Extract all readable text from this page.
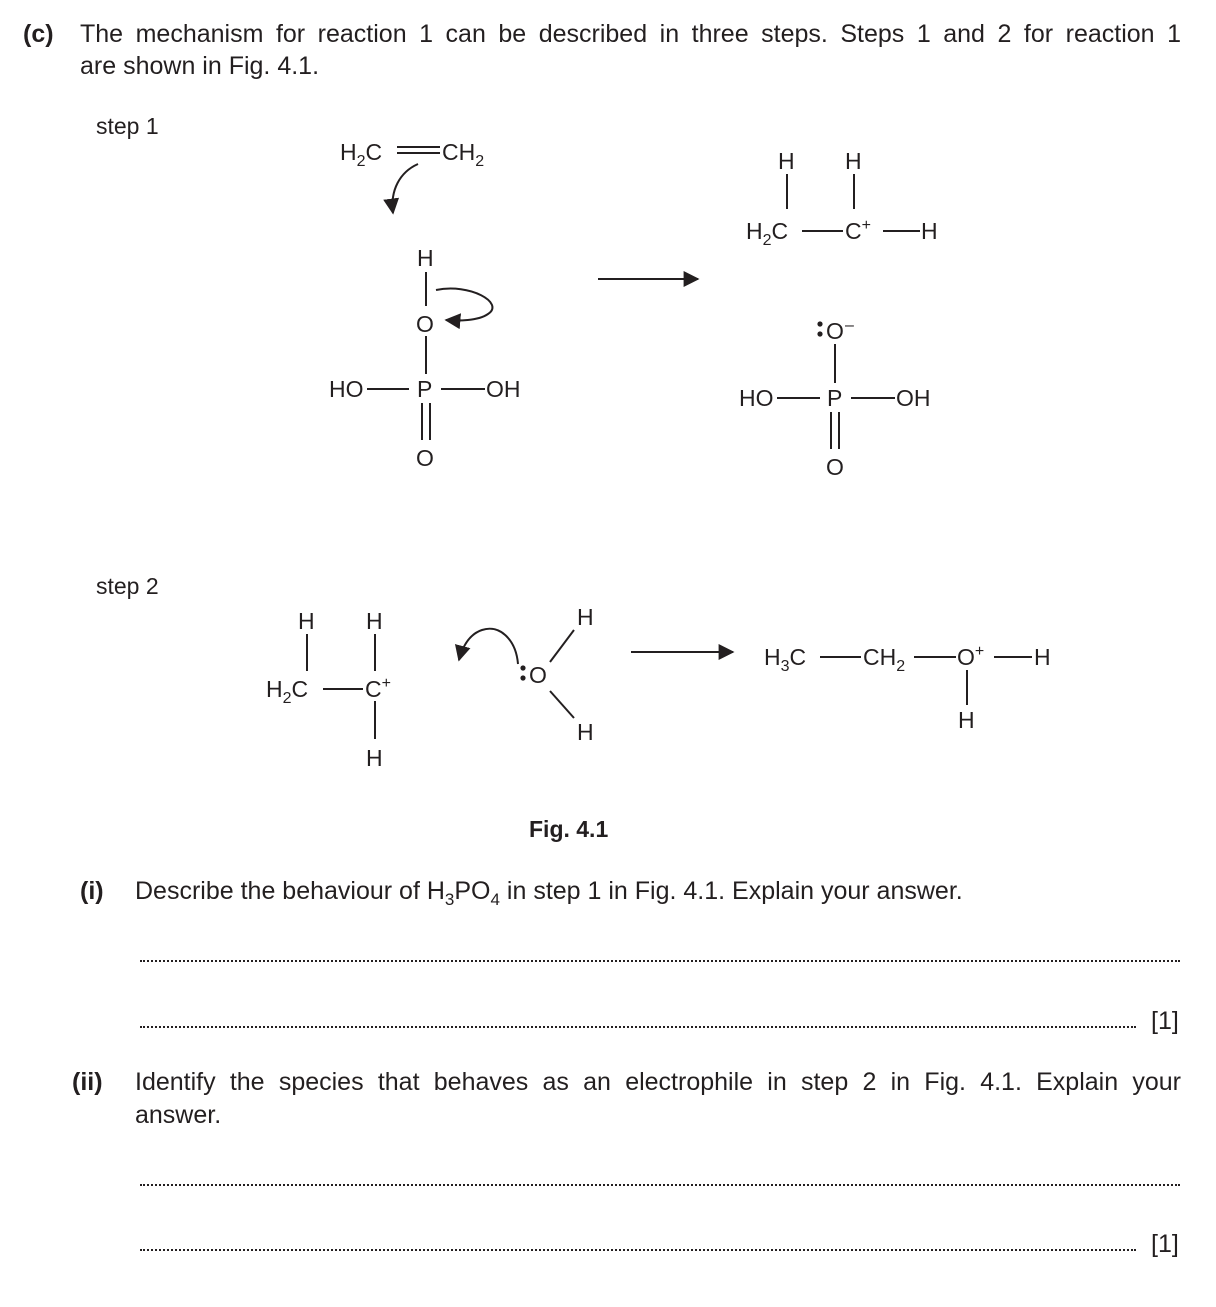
(c) The mechanism for reaction 1 can be described in three steps. Steps 1 and 2 for reaction 1
are shown in Fig. 4.1.
step 1
step 2
$H_2C$	$CH_2$
H
O
HO P OH
O
H H
$H_2C$ C+ H
O –
HO P OH
O
H H
$H_2C$ C+
H
O
H
H
$H_3C$ $CH_2$ O+ H
H
Fig. 4.1
(i) Describe the behaviour of $H_3PO_4$ in step 1 in Fig. 4.1. Explain your answer.
[1]
(ii) Identify the species that behaves as an electrophile in step 2 in Fig. 4.1. Explain your
answer.
[1]
